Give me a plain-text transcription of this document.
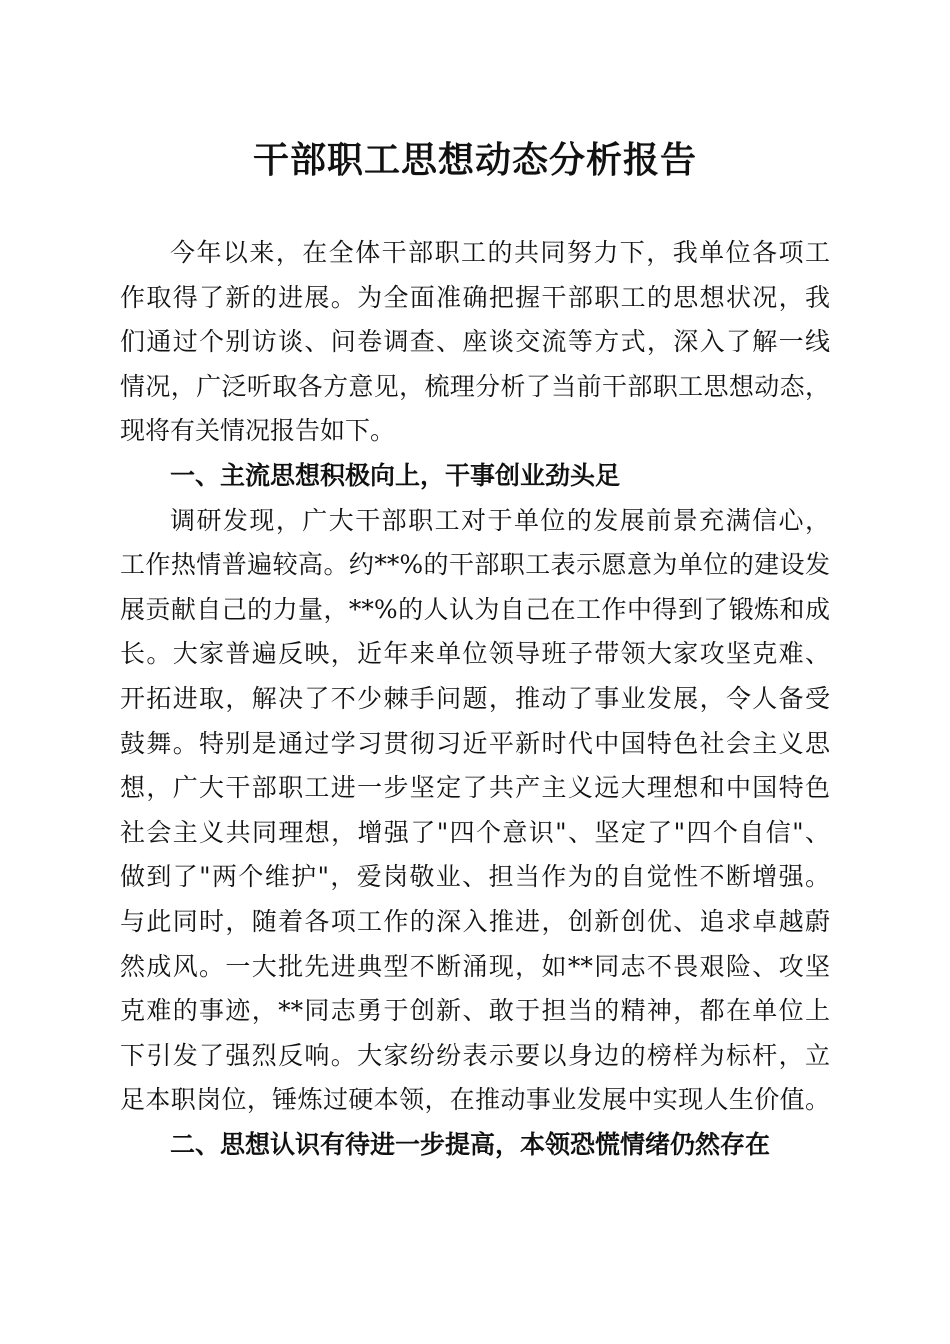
干部职工思想动态分析报告

今年以来，在全体干部职工的共同努力下，我单位各项工

作取得了新的进展。为全面准确把握干部职工的思想状况，我

们通过个别访谈、问卷调查、座谈交流等方式，深入了解一线

情况，广泛听取各方意见，梳理分析了当前干部职工思想动态，

现将有关情况报告如下。

一、主流思想积极向上，干事创业劲头足

调研发现，广大干部职工对于单位的发展前景充满信心，

工作热情普遍较高。约**%的干部职工表示愿意为单位的建设发

展贡献自己的力量，**%的人认为自己在工作中得到了锻炼和成

长。大家普遍反映，近年来单位领导班子带领大家攻坚克难、

开拓进取，解决了不少棘手问题，推动了事业发展，令人备受

鼓舞。特别是通过学习贯彻习近平新时代中国特色社会主义思

想，广大干部职工进一步坚定了共产主义远大理想和中国特色

社会主义共同理想，增强了"四个意识"、坚定了"四个自信"、

做到了"两个维护"，爱岗敬业、担当作为的自觉性不断增强。

与此同时，随着各项工作的深入推进，创新创优、追求卓越蔚

然成风。一大批先进典型不断涌现，如**同志不畏艰险、攻坚

克难的事迹，**同志勇于创新、敢于担当的精神，都在单位上

下引发了强烈反响。大家纷纷表示要以身边的榜样为标杆，立

足本职岗位，锤炼过硬本领，在推动事业发展中实现人生价值。

二、思想认识有待进一步提高，本领恐慌情绪仍然存在
